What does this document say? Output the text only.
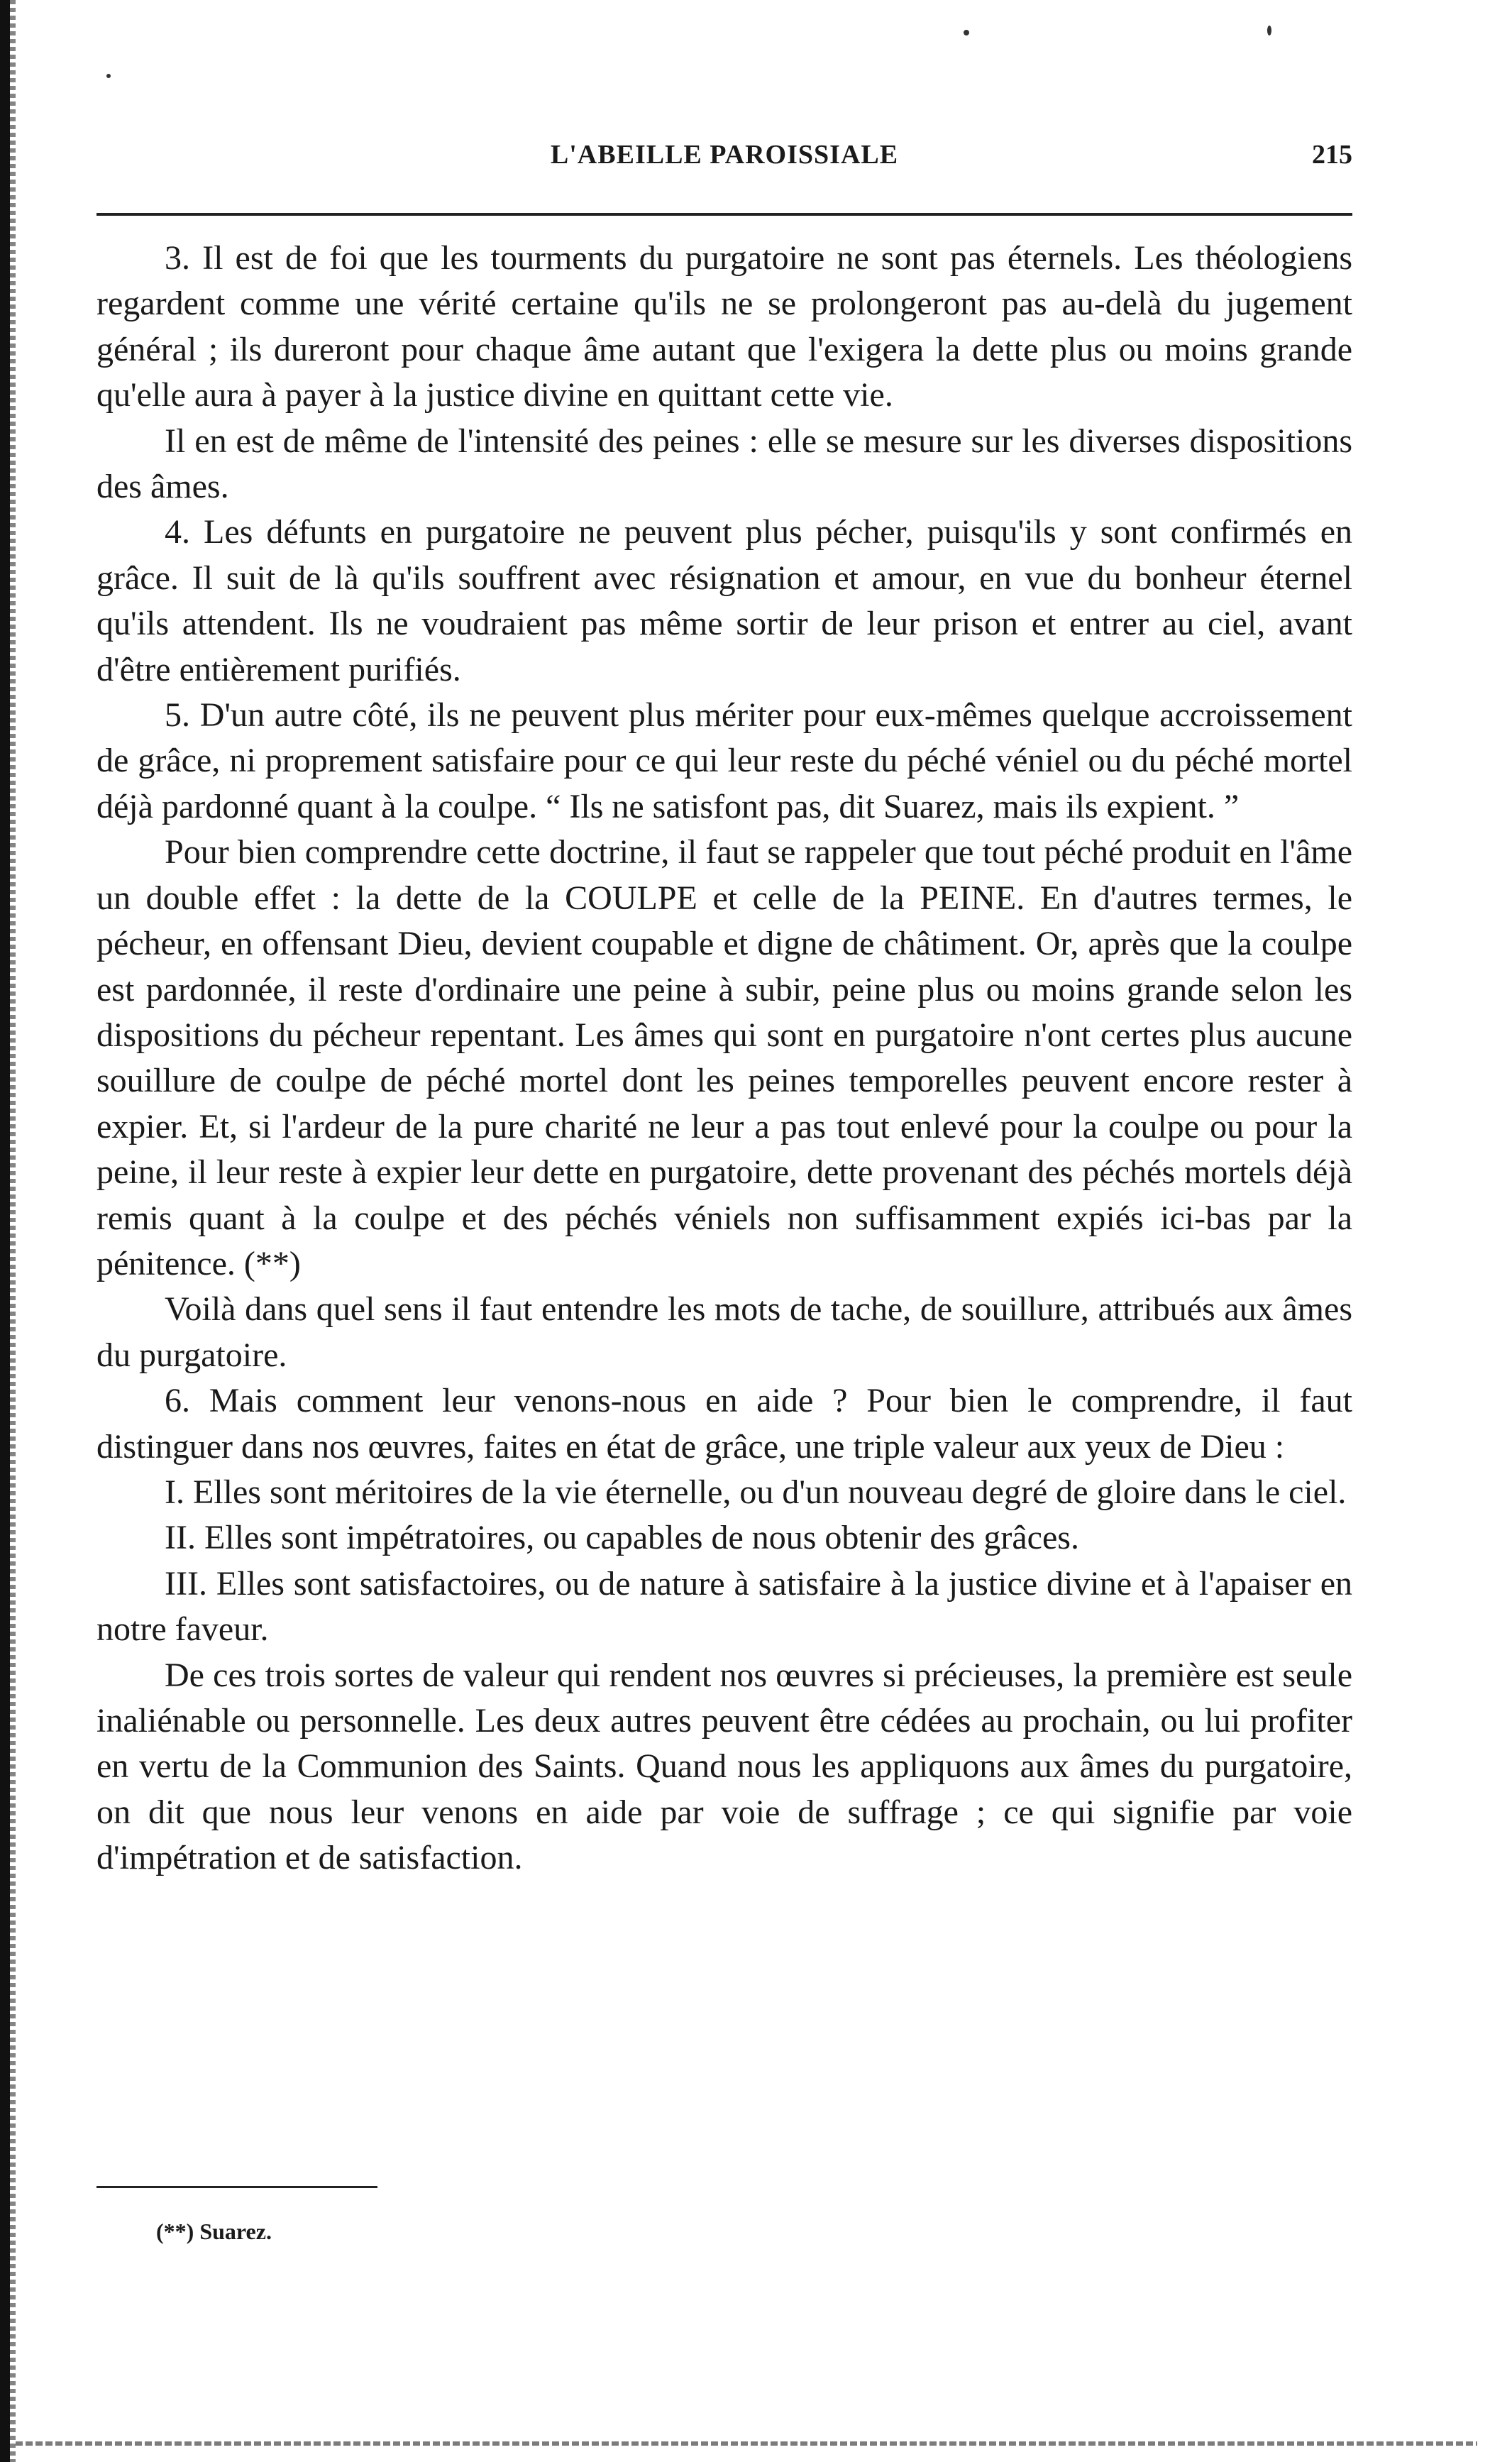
L'ABEILLE PAROISSIALE	215

3. Il est de foi que les tourments du purgatoire ne sont pas éternels. Les théologiens regardent comme une vérité certaine qu'ils ne se prolongeront pas au-delà du jugement général ; ils dureront pour chaque âme autant que l'exigera la dette plus ou moins grande qu'elle aura à payer à la justice divine en quittant cette vie.

Il en est de même de l'intensité des peines : elle se mesure sur les diverses dispositions des âmes.

4. Les défunts en purgatoire ne peuvent plus pécher, puisqu'ils y sont confirmés en grâce. Il suit de là qu'ils souffrent avec résignation et amour, en vue du bonheur éternel qu'ils attendent. Ils ne voudraient pas même sortir de leur prison et entrer au ciel, avant d'être entièrement purifiés.

5. D'un autre côté, ils ne peuvent plus mériter pour eux-mêmes quelque accroissement de grâce, ni proprement satisfaire pour ce qui leur reste du péché véniel ou du péché mortel déjà pardonné quant à la coulpe. “ Ils ne satisfont pas, dit Suarez, mais ils expient. ”

Pour bien comprendre cette doctrine, il faut se rappeler que tout péché produit en l'âme un double effet : la dette de la COULPE et celle de la PEINE. En d'autres termes, le pécheur, en offensant Dieu, devient coupable et digne de châtiment. Or, après que la coulpe est pardonnée, il reste d'ordinaire une peine à subir, peine plus ou moins grande selon les dispositions du pécheur repentant. Les âmes qui sont en purgatoire n'ont certes plus aucune souillure de coulpe de péché mortel dont les peines temporelles peuvent encore rester à expier. Et, si l'ardeur de la pure charité ne leur a pas tout enlevé pour la coulpe ou pour la peine, il leur reste à expier leur dette en purgatoire, dette provenant des péchés mortels déjà remis quant à la coulpe et des péchés véniels non suffisamment expiés ici-bas par la pénitence. (**)

Voilà dans quel sens il faut entendre les mots de tache, de souillure, attribués aux âmes du purgatoire.

6. Mais comment leur venons-nous en aide ? Pour bien le comprendre, il faut distinguer dans nos œuvres, faites en état de grâce, une triple valeur aux yeux de Dieu :

I. Elles sont méritoires de la vie éternelle, ou d'un nouveau degré de gloire dans le ciel.

II. Elles sont impétratoires, ou capables de nous obtenir des grâces.

III. Elles sont satisfactoires, ou de nature à satisfaire à la justice divine et à l'apaiser en notre faveur.

De ces trois sortes de valeur qui rendent nos œuvres si précieuses, la première est seule inaliénable ou personnelle. Les deux autres peuvent être cédées au prochain, ou lui profiter en vertu de la Communion des Saints. Quand nous les appliquons aux âmes du purgatoire, on dit que nous leur venons en aide par voie de suffrage ; ce qui signifie par voie d'impétration et de satisfaction.

(**) Suarez.
